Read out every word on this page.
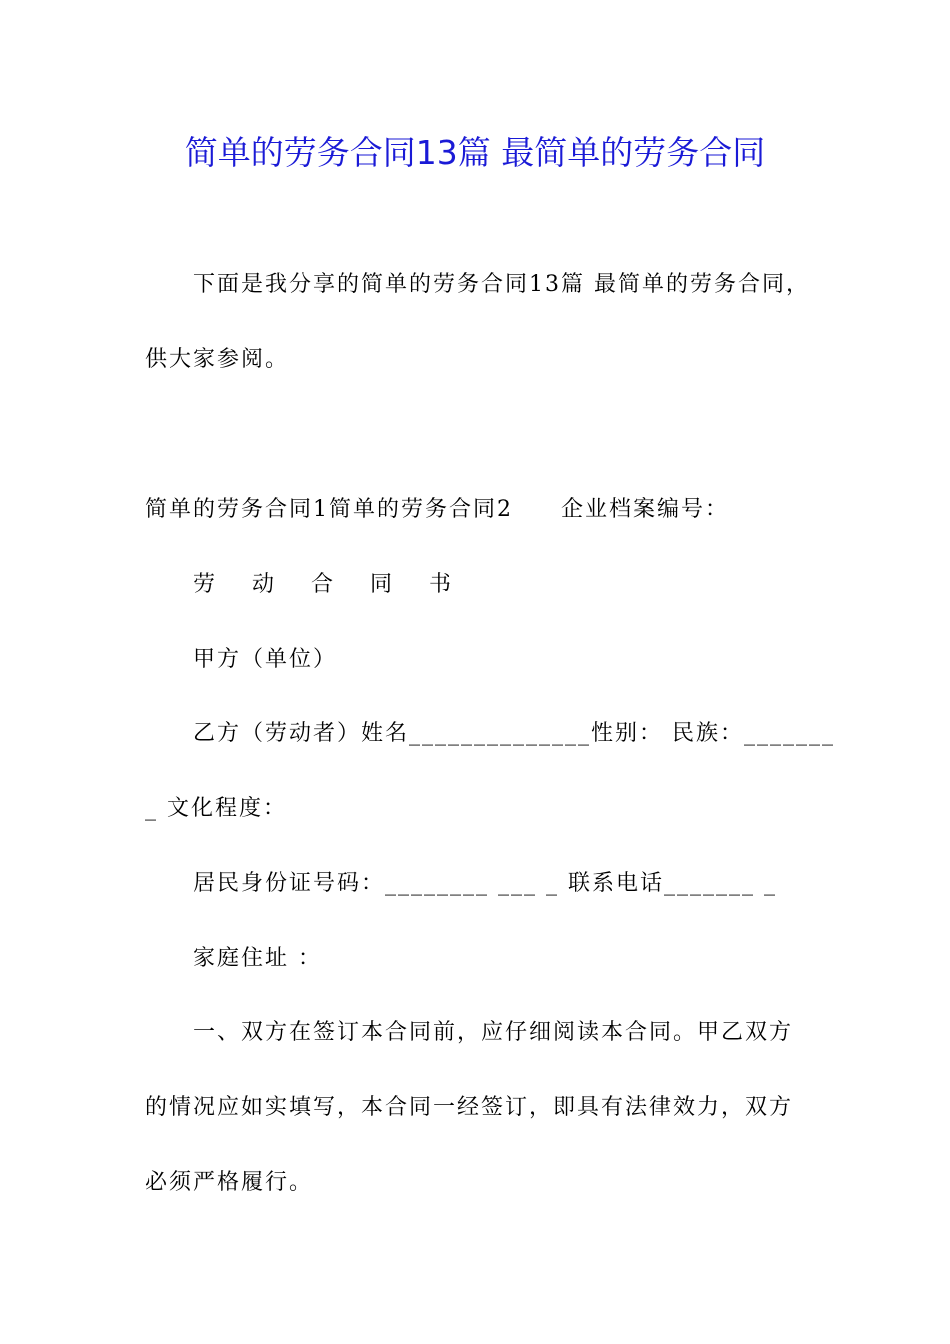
简单的劳务合同13篇 最简单的劳务合同
下面是我分享的简单的劳务合同13篇 最简单的劳务合同，
供大家参阅。
简单的劳务合同1简单的劳务合同2　　企业档案编号：
劳 动 合 同 书
甲方（单位）
乙方（劳动者）姓名______________性别： 民族：_______
_ 文化程度：
居民身份证号码：________ ___ _ 联系电话_______ _
家庭住址 ：
一、双方在签订本合同前，应仔细阅读本合同。甲乙双方
的情况应如实填写，本合同一经签订，即具有法律效力，双方
必须严格履行。
